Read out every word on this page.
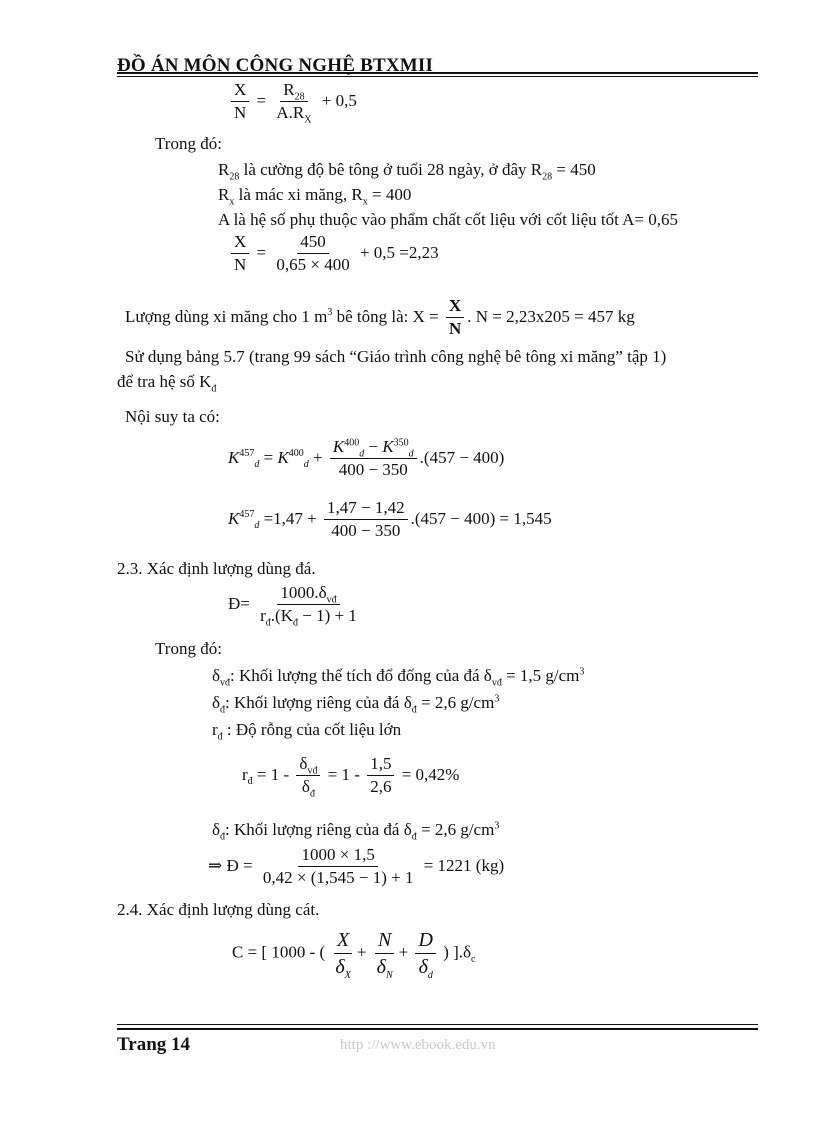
ĐỒ ÁN MÔN CÔNG NGHỆ BTXMII
$\frac{X}{N} = \frac{R_{28}}{A.R_X} + 0,5$
Trong đó:
$R_{28}$ là cường độ bê tông ở tuổi 28 ngày, ở đây $R_{28} = 450$
$R_x$ là mác xi măng, $R_x = 400$
A là hệ số phụ thuộc vào phẩm chất cốt liệu với cốt liệu tốt A= 0,65
$\frac{X}{N} = \frac{450}{0,65 \times 400} + 0,5 =2,23$
Lượng dùng xi măng cho 1 $m^3$ bê tông là: $X = \frac{X}{N}$ . N = 2,23x205 = 457 kg
Sử dụng bảng 5.7 (trang 99 sách “Giáo trình công nghệ bê tông xi măng” tập 1)
để tra hệ số $K_đ$
Nội suy ta có:
$K^{457}_d = K^{400}_d + \frac{K^{400}_d - K^{350}_d}{400 - 350} .(457 - 400)$
$K^{457}_d =1,47 + \frac{1,47 - 1,42}{400 - 350} .(457 - 400) = 1,545$
2.3. Xác định lượng dùng đá.
Đ= $\frac{1000.\delta_{vđ}}{r_đ.(K_đ - 1) + 1}$
Trong đó:
$\delta_{vđ}$: Khối lượng thể tích đổ đống của đá $\delta_{vđ} = 1,5$ $g/cm^3$
$\delta_đ$: Khối lượng riêng của đá $\delta_đ = 2,6$ $g/cm^3$
$r_đ$ : Độ rỗng của cốt liệu lớn
$r_đ = 1 - \frac{\delta_{vđ}}{\delta_đ} = 1 - \frac{1,5}{2,6} = 0,42\%$
$\delta_đ$: Khối lượng riêng của đá $\delta_đ = 2,6$ $g/cm^3$
⇒ Đ = $\frac{1000 \times 1,5}{0,42 \times (1,545 - 1) + 1} = 1221$ (kg)
2.4. Xác định lượng dùng cát.
C = [ 1000 - ( $\frac{X}{\delta_X} + \frac{N}{\delta_N} + \frac{D}{\delta_d}$ ) ]$.\delta_c$
Trang 14	http ://www.ebook.edu.vn
